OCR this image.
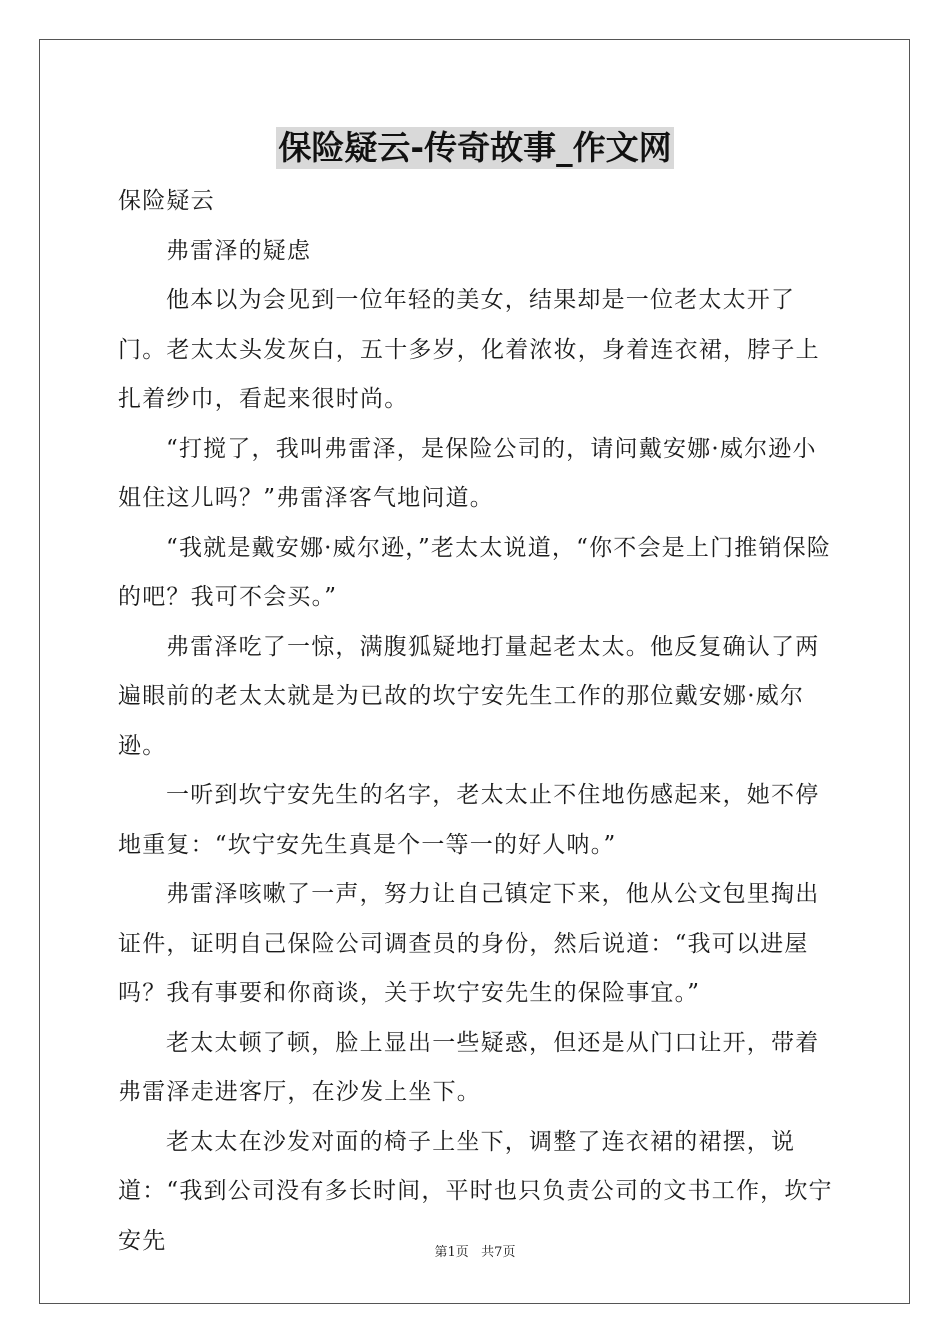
保险疑云-传奇故事_作文网

保险疑云

弗雷泽的疑虑

他本以为会见到一位年轻的美女，结果却是一位老太太开了门。老太太头发灰白，五十多岁，化着浓妆，身着连衣裙，脖子上扎着纱巾，看起来很时尚。

“打搅了，我叫弗雷泽，是保险公司的，请问戴安娜·威尔逊小姐住这儿吗？”弗雷泽客气地问道。

“我就是戴安娜·威尔逊，”老太太说道，“你不会是上门推销保险的吧？我可不会买。”

弗雷泽吃了一惊，满腹狐疑地打量起老太太。他反复确认了两遍眼前的老太太就是为已故的坎宁安先生工作的那位戴安娜·威尔逊。

一听到坎宁安先生的名字，老太太止不住地伤感起来，她不停地重复：“坎宁安先生真是个一等一的好人呐。”

弗雷泽咳嗽了一声，努力让自己镇定下来，他从公文包里掏出证件，证明自己保险公司调查员的身份，然后说道：“我可以进屋吗？我有事要和你商谈，关于坎宁安先生的保险事宜。”

老太太顿了顿，脸上显出一些疑惑，但还是从门口让开，带着弗雷泽走进客厅，在沙发上坐下。

老太太在沙发对面的椅子上坐下，调整了连衣裙的裙摆，说道：“我到公司没有多长时间，平时也只负责公司的文书工作，坎宁安先	第1页   共7页
